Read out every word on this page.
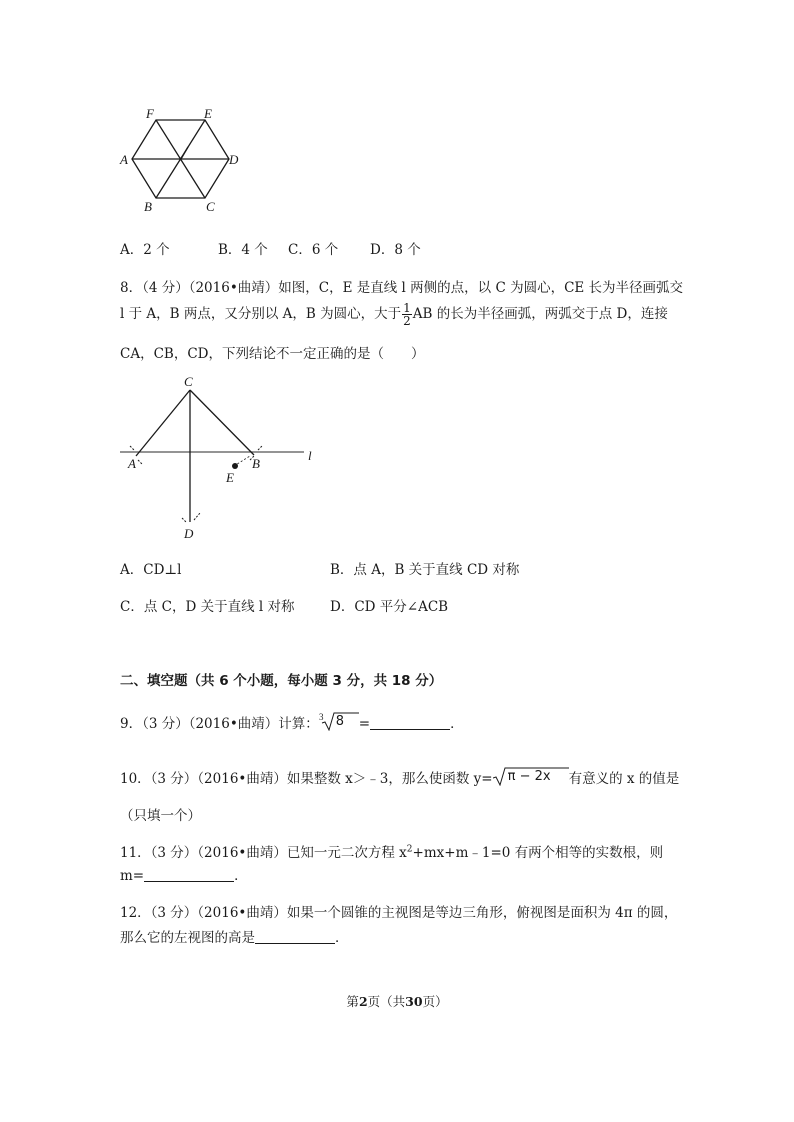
F	E
A	D
B	C
A．2 个	B．4 个 C．6 个 D．8 个
8．（4 分）（2016•曲靖）如图，C，E 是直线 l 两侧的点，以 C 为圆心，CE 长为半径画弧交
l 于 A，B 两点，又分别以 A，B 为圆心，大于 $\frac{1}{2}$ AB 的长为半径画弧，两弧交于点 D，连接
CA，CB，CD，下列结论不一定正确的是（　　）
C
l
A	B
E
D
A．CD⊥l	B．点 A，B 关于直线 CD 对称
C．点 C，D 关于直线 l 对称	D．CD 平分∠ACB
二、填空题（共 6 个小题，每小题 3 分，共 18 分）
9．（3 分）（2016•曲靖）计算： 3 8 =	．
10．（3 分）（2016•曲靖）如果整数 x＞﹣3，那么使函数 y= π − 2x 有意义的 x 的值是
（只填一个）
11．（3 分）（2016•曲靖）已知一元二次方程 $x^2+mx+m﹣1=0$ 有两个相等的实数根，则
m=	．
12．（3 分）（2016•曲靖）如果一个圆锥的主视图是等边三角形，俯视图是面积为 4π 的圆，
那么它的左视图的高是	．
第2页（共30页）
